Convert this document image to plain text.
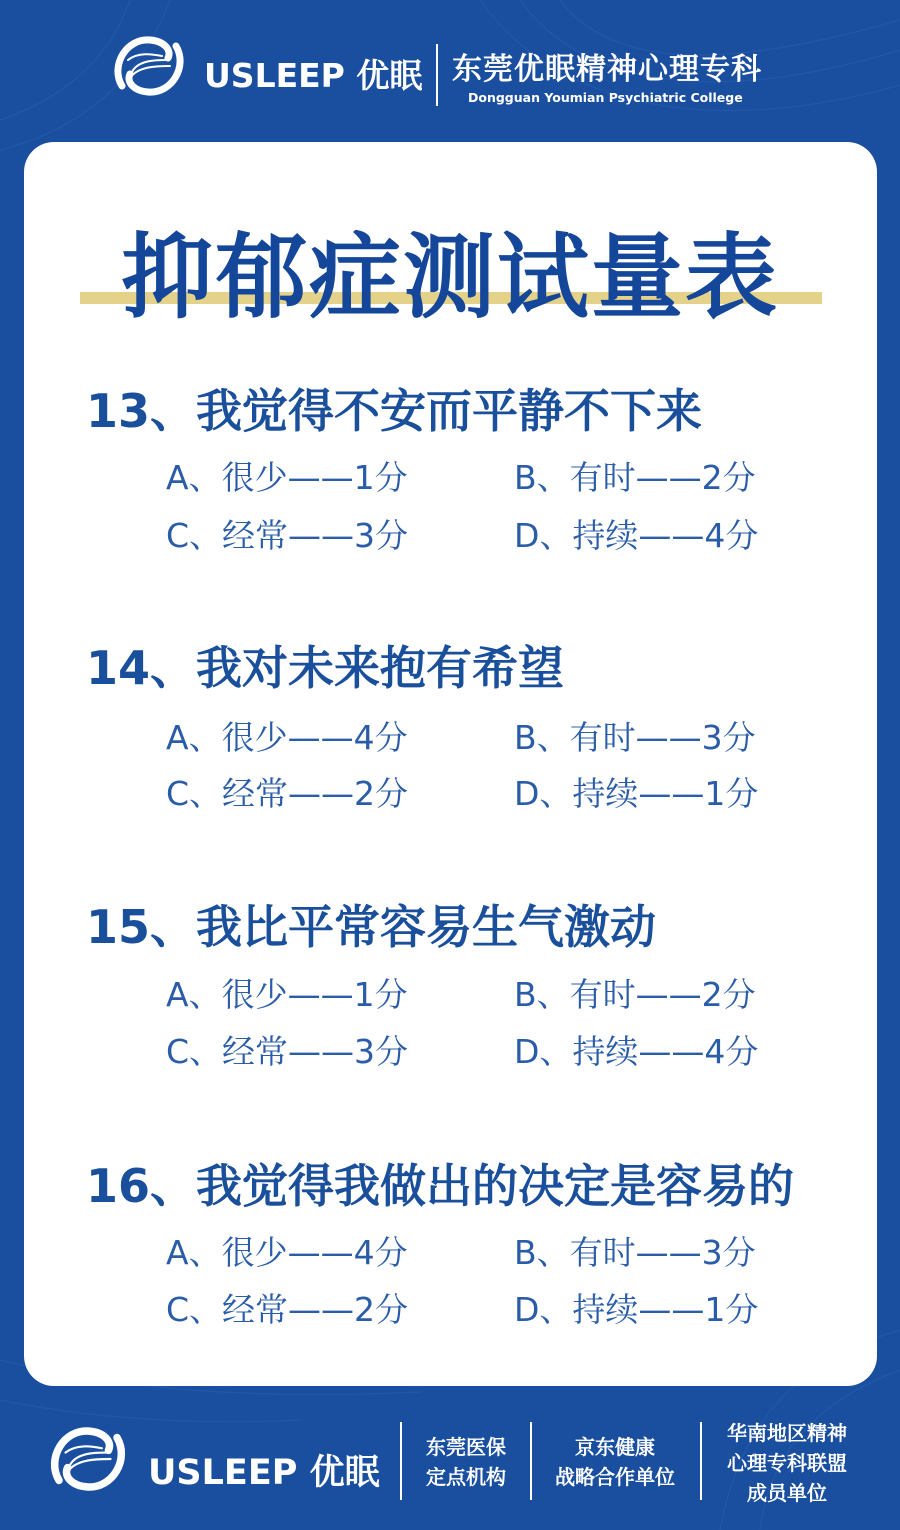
USLEEP 优眠 东莞优眠精神心理专科
Dongguan Youmian Psychiatric College
抑郁症测试量表
13、我觉得不安而平静不下来
A、很少——1分	B、有时——2分
C、经常——3分	D、持续——4分
14、我对未来抱有希望
A、很少——4分	B、有时——3分
C、经常——2分	D、持续——1分
15、我比平常容易生气激动
A、很少——1分	B、有时——2分
C、经常——3分	D、持续——4分
16、我觉得我做出的决定是容易的
A、很少——4分	B、有时——3分
C、经常——2分	D、持续——1分
USLEEP 优眠
东莞医保
定点机构
京东健康
战略合作单位
华南地区精神
心理专科联盟
成员单位
